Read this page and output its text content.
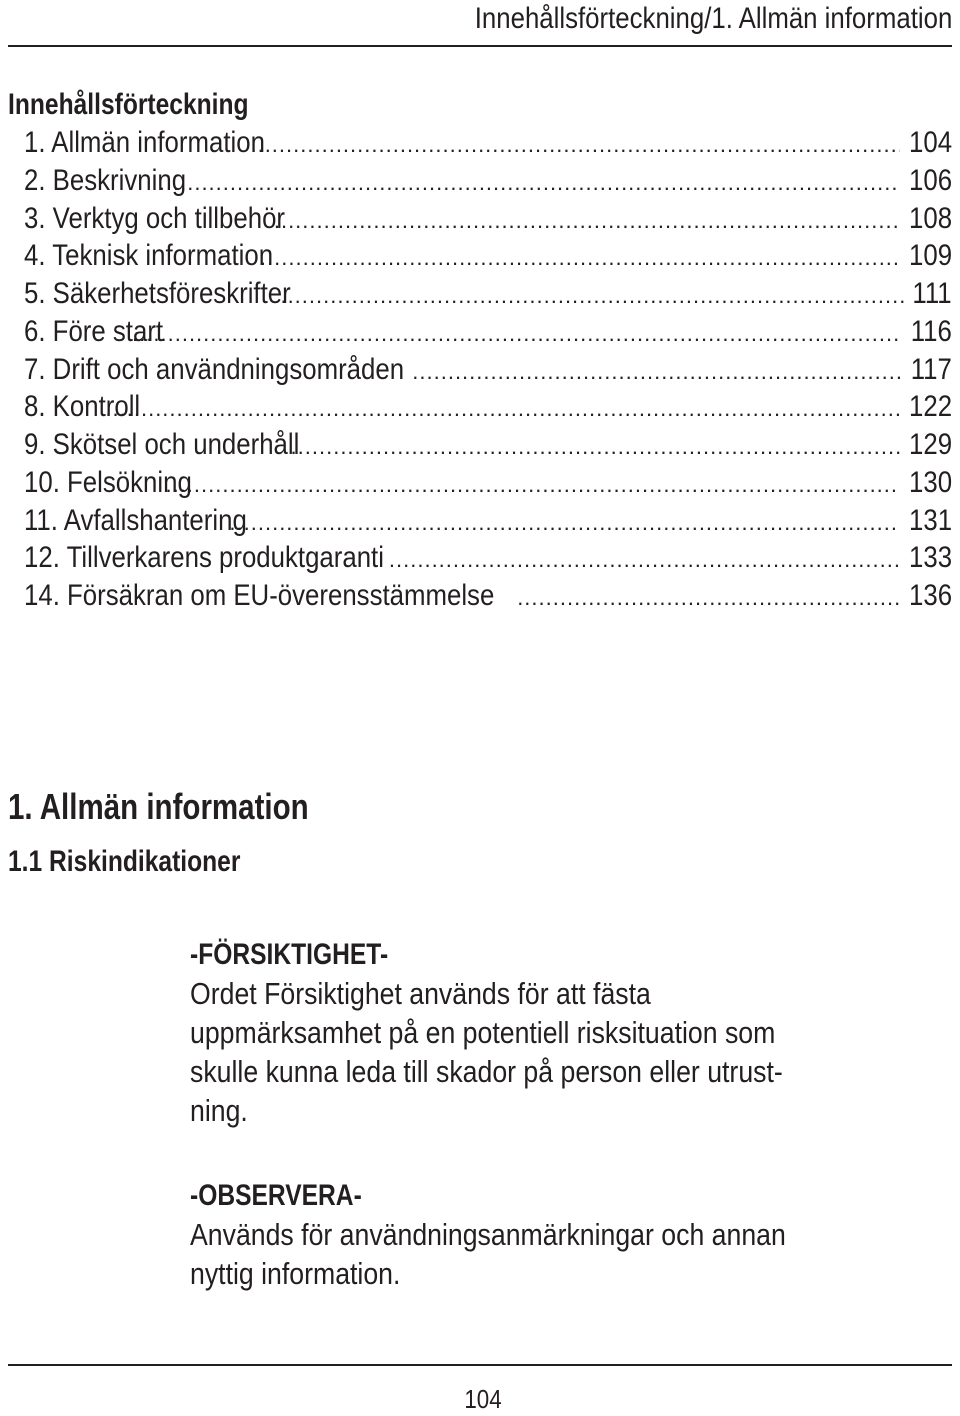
Innehållsförteckning/1. Allmän information
Innehållsförteckning
1. Allmän information .....	104
2. Beskrivning .....	106
3. Verktyg och tillbehör .....	108
4. Teknisk information .....	109
5. Säkerhetsföreskrifter .....	111
6. Före start .....	116
7. Drift och användningsområden .....	117
8. Kontroll .....	122
9. Skötsel och underhåll .....	129
10. Felsökning .....	130
11. Avfallshantering .....	131
12. Tillverkarens produktgaranti .....	133
14. Försäkran om EU-överensstämmelse .....	136
1. Allmän information
1.1 Riskindikationer
-FÖRSIKTIGHET-
Ordet Försiktighet används för att fästa
uppmärksamhet på en potentiell risksituation som
skulle kunna leda till skador på person eller utrust-
ning.
-OBSERVERA-
Används för användningsanmärkningar och annan
nyttig information.
104
